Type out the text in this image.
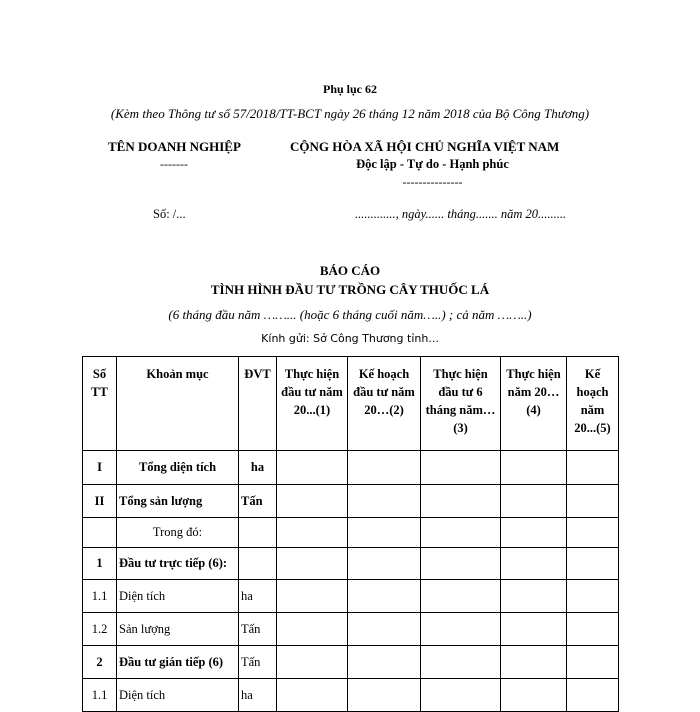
Phụ lục 62
(Kèm theo Thông tư số 57/2018/TT-BCT ngày 26 tháng 12 năm 2018 của Bộ Công Thương)
TÊN DOANH NGHIỆP
-------
CỘNG HÒA XÃ HỘI CHỦ NGHĨA VIỆT NAM
Độc lập - Tự do - Hạnh phúc
---------------
Số: /...	............., ngày...... tháng....... năm 20.........
BÁO CÁO
TÌNH HÌNH ĐẦU TƯ TRỒNG CÂY THUỐC LÁ
(6 tháng đầu năm ……... (hoặc 6 tháng cuối năm…..) ; cả năm ……..)
Kính gửi: Sở Công Thương tỉnh...
Số TT	Khoản mục	ĐVT	Thực hiện đầu tư năm 20...(1)	Kế hoạch đầu tư năm 20…(2)	Thực hiện đầu tư 6 tháng năm…(3)	Thực hiện năm 20…(4)	Kế hoạch năm 20...(5)
I	Tổng diện tích	ha					
II	Tổng sản lượng	Tấn					
	Trong đó:						
1	Đầu tư trực tiếp (6):						
1.1	Diện tích	ha					
1.2	Sản lượng	Tấn					
2	Đầu tư gián tiếp (6)	Tấn					
1.1	Diện tích	ha					
